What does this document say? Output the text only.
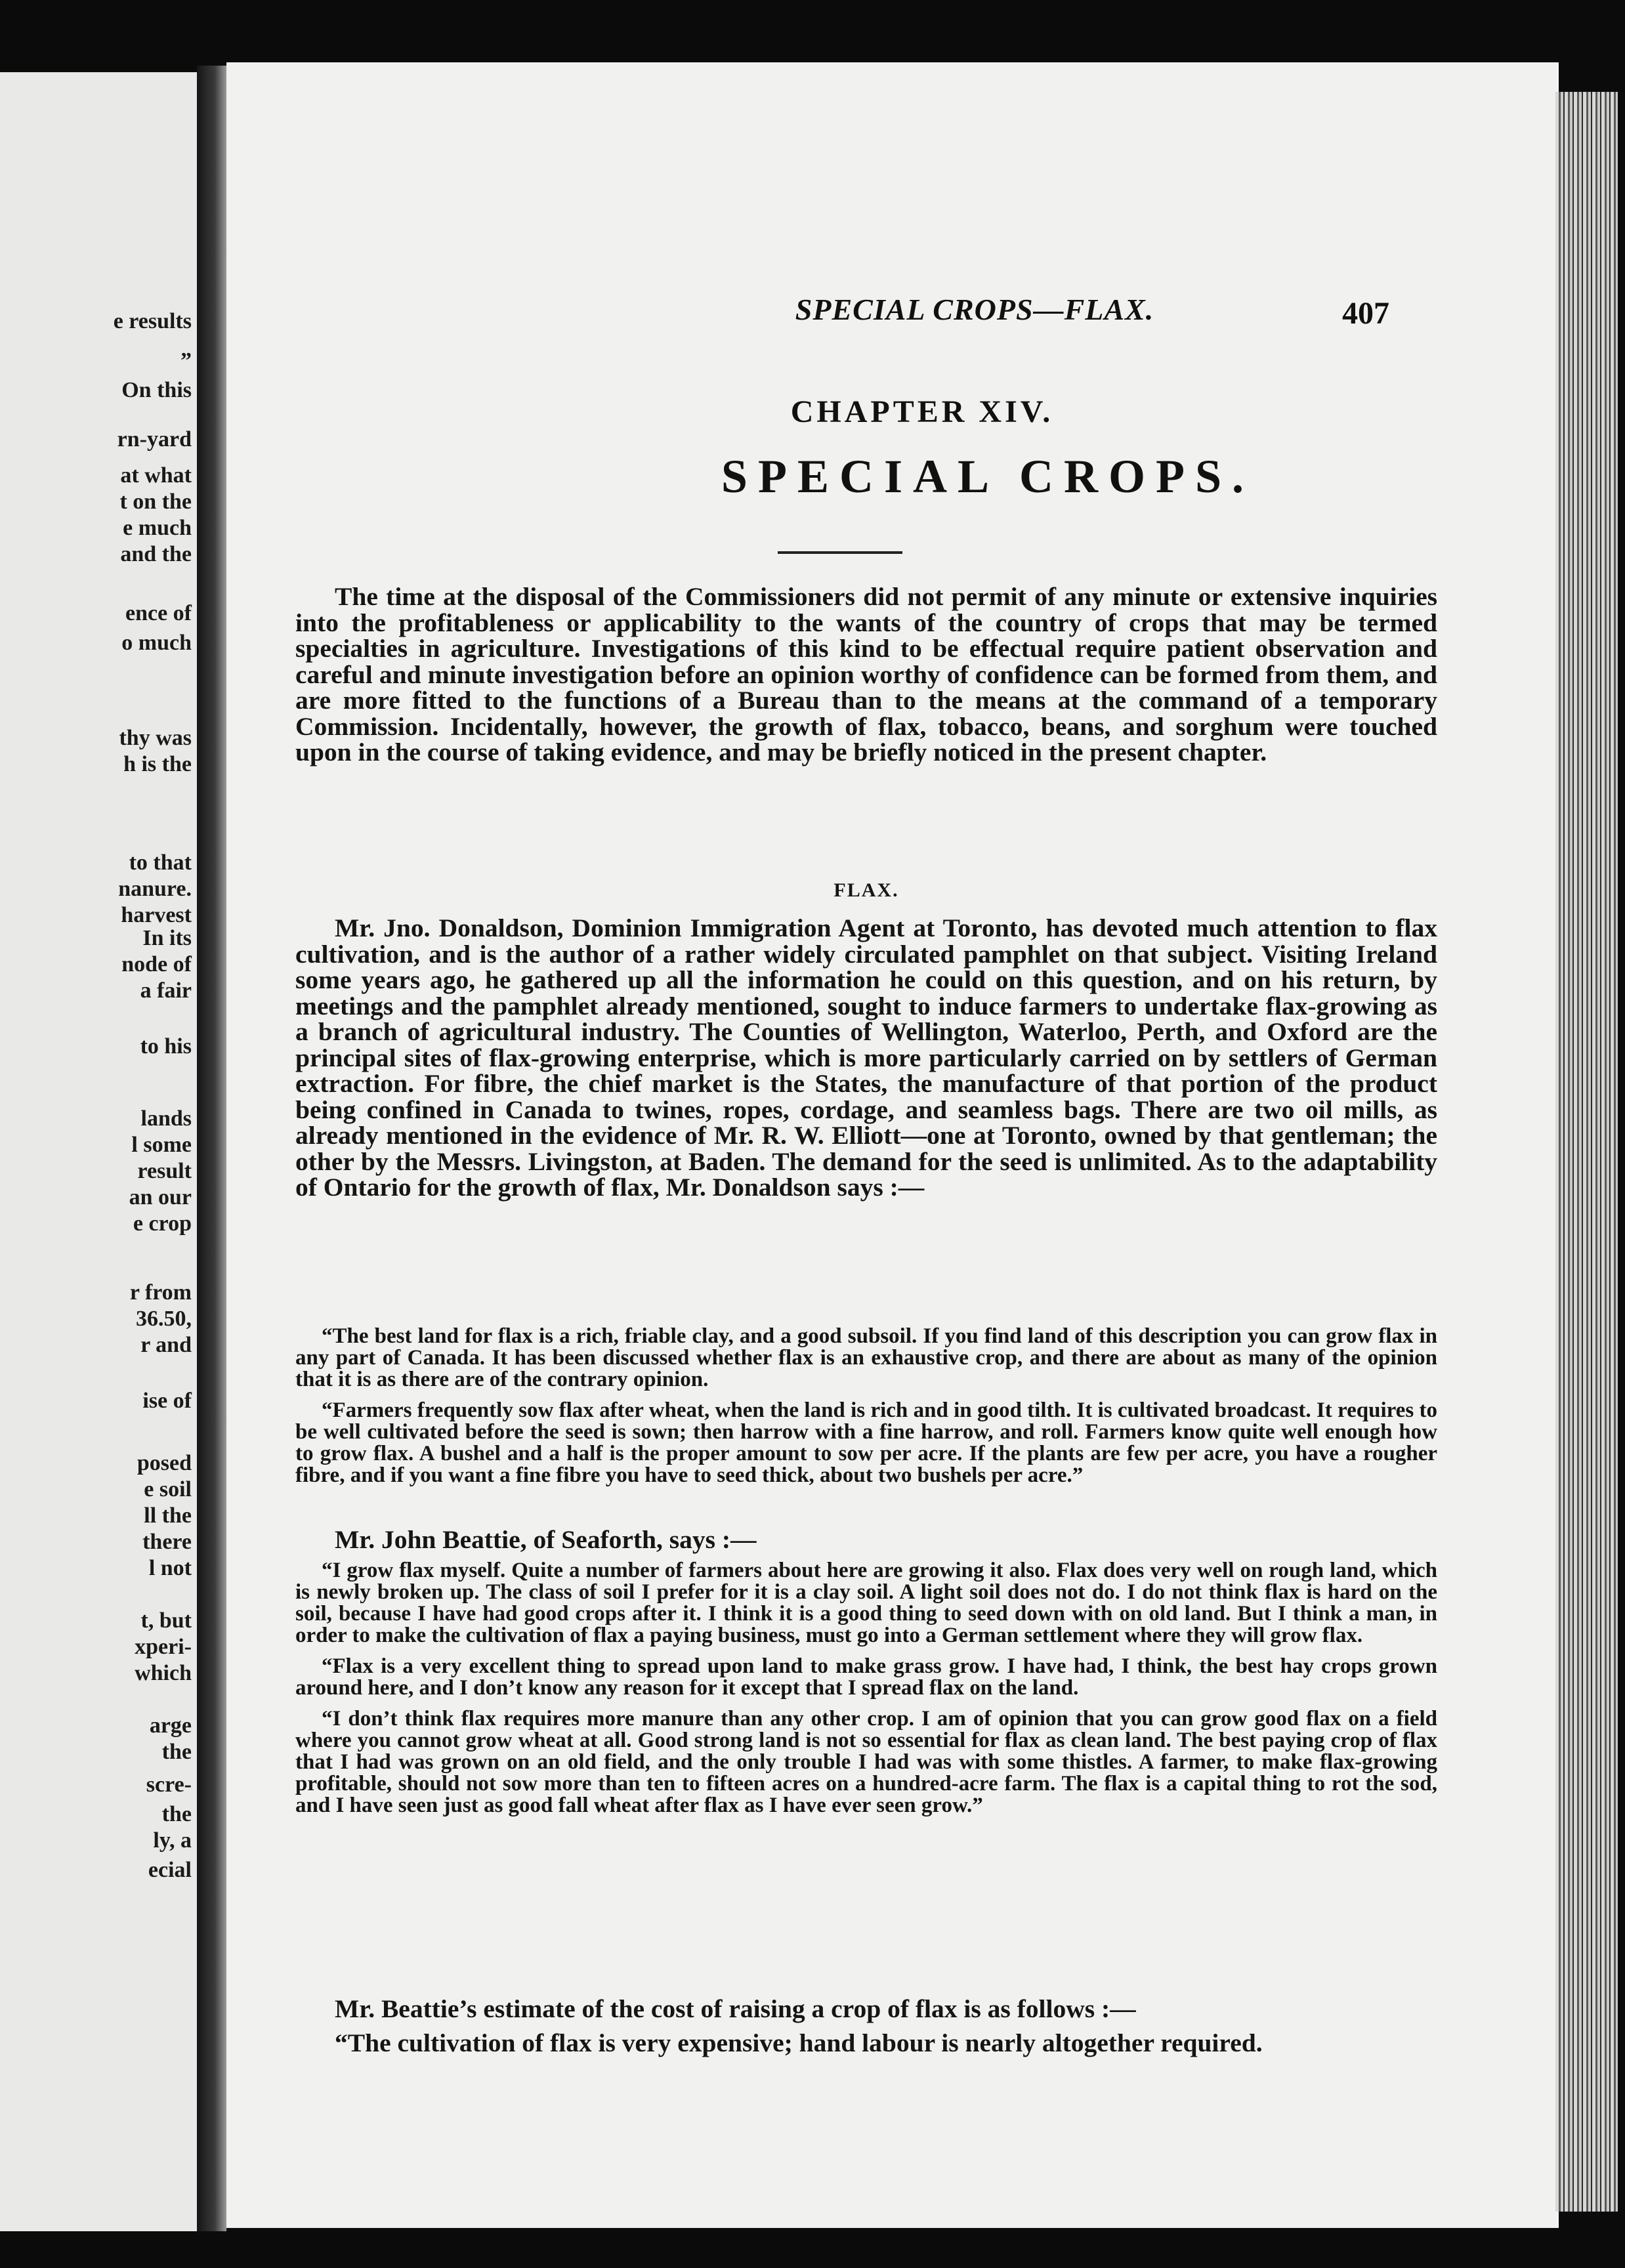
e results
”
On this
rn-yard
at what
t on the
e much
and the
ence of
o much
thy was
h is the
to that
nanure.
harvest
In its
node of
a fair
to his
lands
l some
result
an our
e crop
r from
36.50,
r and
ise of
posed
e soil
ll the
there
l not
t, but
xperi-
which
arge
the
scre-
the
ly, a
ecial
SPECIAL CROPS—FLAX.	407
CHAPTER XIV.
SPECIAL CROPS.

The time at the disposal of the Commissioners did not permit of any minute or extensive inquiries into the profitableness or applicability to the wants of the country of crops that may be termed specialties in agriculture. Investigations of this kind to be effectual require patient observation and careful and minute investigation before an opinion worthy of confidence can be formed from them, and are more fitted to the functions of a Bureau than to the means at the command of a temporary Commission. Incidentally, however, the growth of flax, tobacco, beans, and sorghum were touched upon in the course of taking evidence, and may be briefly noticed in the present chapter.

FLAX.

Mr. Jno. Donaldson, Dominion Immigration Agent at Toronto, has devoted much attention to flax cultivation, and is the author of a rather widely circulated pamphlet on that subject. Visiting Ireland some years ago, he gathered up all the information he could on this question, and on his return, by meetings and the pamphlet already mentioned, sought to induce farmers to undertake flax-growing as a branch of agricultural industry. The Counties of Wellington, Waterloo, Perth, and Oxford are the principal sites of flax-growing enterprise, which is more particularly carried on by settlers of German extraction. For fibre, the chief market is the States, the manufacture of that portion of the product being confined in Canada to twines, ropes, cordage, and seamless bags. There are two oil mills, as already mentioned in the evidence of Mr. R. W. Elliott—one at Toronto, owned by that gentleman; the other by the Messrs. Livingston, at Baden. The demand for the seed is unlimited. As to the adaptability of Ontario for the growth of flax, Mr. Donaldson says :—

“The best land for flax is a rich, friable clay, and a good subsoil. If you find land of this description you can grow flax in any part of Canada. It has been discussed whether flax is an exhaustive crop, and there are about as many of the opinion that it is as there are of the contrary opinion.

“Farmers frequently sow flax after wheat, when the land is rich and in good tilth. It is cultivated broadcast. It requires to be well cultivated before the seed is sown; then harrow with a fine harrow, and roll. Farmers know quite well enough how to grow flax. A bushel and a half is the proper amount to sow per acre. If the plants are few per acre, you have a rougher fibre, and if you want a fine fibre you have to seed thick, about two bushels per acre.”

Mr. John Beattie, of Seaforth, says :—

“I grow flax myself. Quite a number of farmers about here are growing it also. Flax does very well on rough land, which is newly broken up. The class of soil I prefer for it is a clay soil. A light soil does not do. I do not think flax is hard on the soil, because I have had good crops after it. I think it is a good thing to seed down with on old land. But I think a man, in order to make the cultivation of flax a paying business, must go into a German settlement where they will grow flax.

“Flax is a very excellent thing to spread upon land to make grass grow. I have had, I think, the best hay crops grown around here, and I don’t know any reason for it except that I spread flax on the land.

“I don’t think flax requires more manure than any other crop. I am of opinion that you can grow good flax on a field where you cannot grow wheat at all. Good strong land is not so essential for flax as clean land. The best paying crop of flax that I had was grown on an old field, and the only trouble I had was with some thistles. A farmer, to make flax-growing profitable, should not sow more than ten to fifteen acres on a hundred-acre farm. The flax is a capital thing to rot the sod, and I have seen just as good fall wheat after flax as I have ever seen grow.”

Mr. Beattie’s estimate of the cost of raising a crop of flax is as follows :—

“The cultivation of flax is very expensive; hand labour is nearly altogether required.
